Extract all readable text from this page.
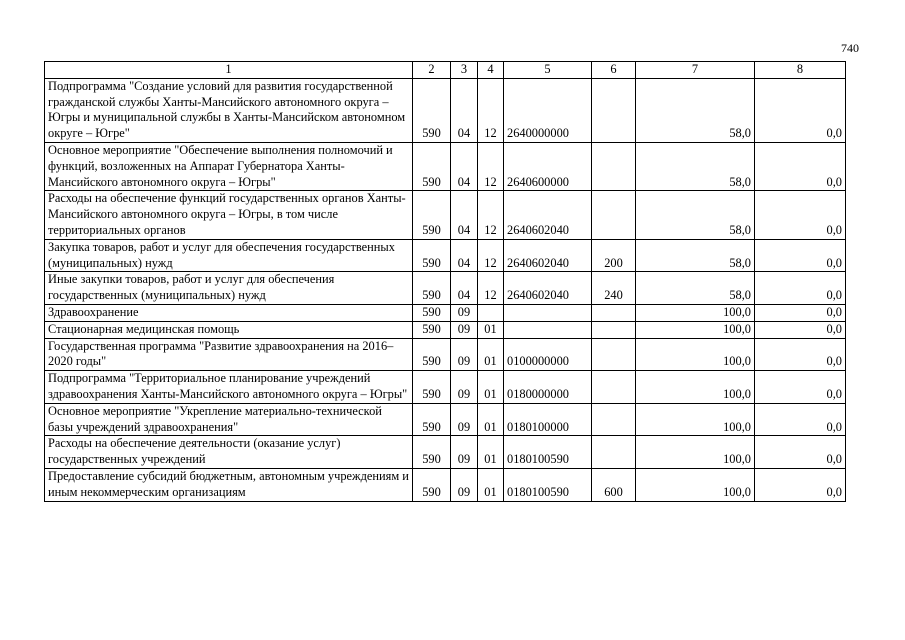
740
1	2	3	4	5	6	7	8
Подпрограмма "Создание условий для развития государственной гражданской службы Ханты-Мансийского автономного округа – Югры и муниципальной службы в Ханты-Мансийском автономном округе – Югре"	590	04	12	2640000000		58,0	0,0
Основное мероприятие "Обеспечение выполнения полномочий и функций, возложенных на Аппарат Губернатора Ханты-Мансийского автономного округа – Югры"	590	04	12	2640600000		58,0	0,0
Расходы на обеспечение функций государственных органов Ханты-Мансийского автономного округа – Югры, в том числе территориальных органов	590	04	12	2640602040		58,0	0,0
Закупка товаров, работ и услуг для обеспечения государственных (муниципальных) нужд	590	04	12	2640602040	200	58,0	0,0
Иные закупки товаров, работ и услуг для обеспечения государственных (муниципальных) нужд	590	04	12	2640602040	240	58,0	0,0
Здравоохранение	590	09				100,0	0,0
Стационарная медицинская помощь	590	09	01			100,0	0,0
Государственная программа "Развитие здравоохранения на 2016–2020 годы"	590	09	01	0100000000		100,0	0,0
Подпрограмма "Территориальное планирование учреждений здравоохранения Ханты-Мансийского автономного округа – Югры"	590	09	01	0180000000		100,0	0,0
Основное мероприятие "Укрепление материально-технической базы учреждений здравоохранения"	590	09	01	0180100000		100,0	0,0
Расходы на обеспечение деятельности (оказание услуг) государственных учреждений	590	09	01	0180100590		100,0	0,0
Предоставление субсидий бюджетным, автономным учреждениям и иным некоммерческим организациям	590	09	01	0180100590	600	100,0	0,0
